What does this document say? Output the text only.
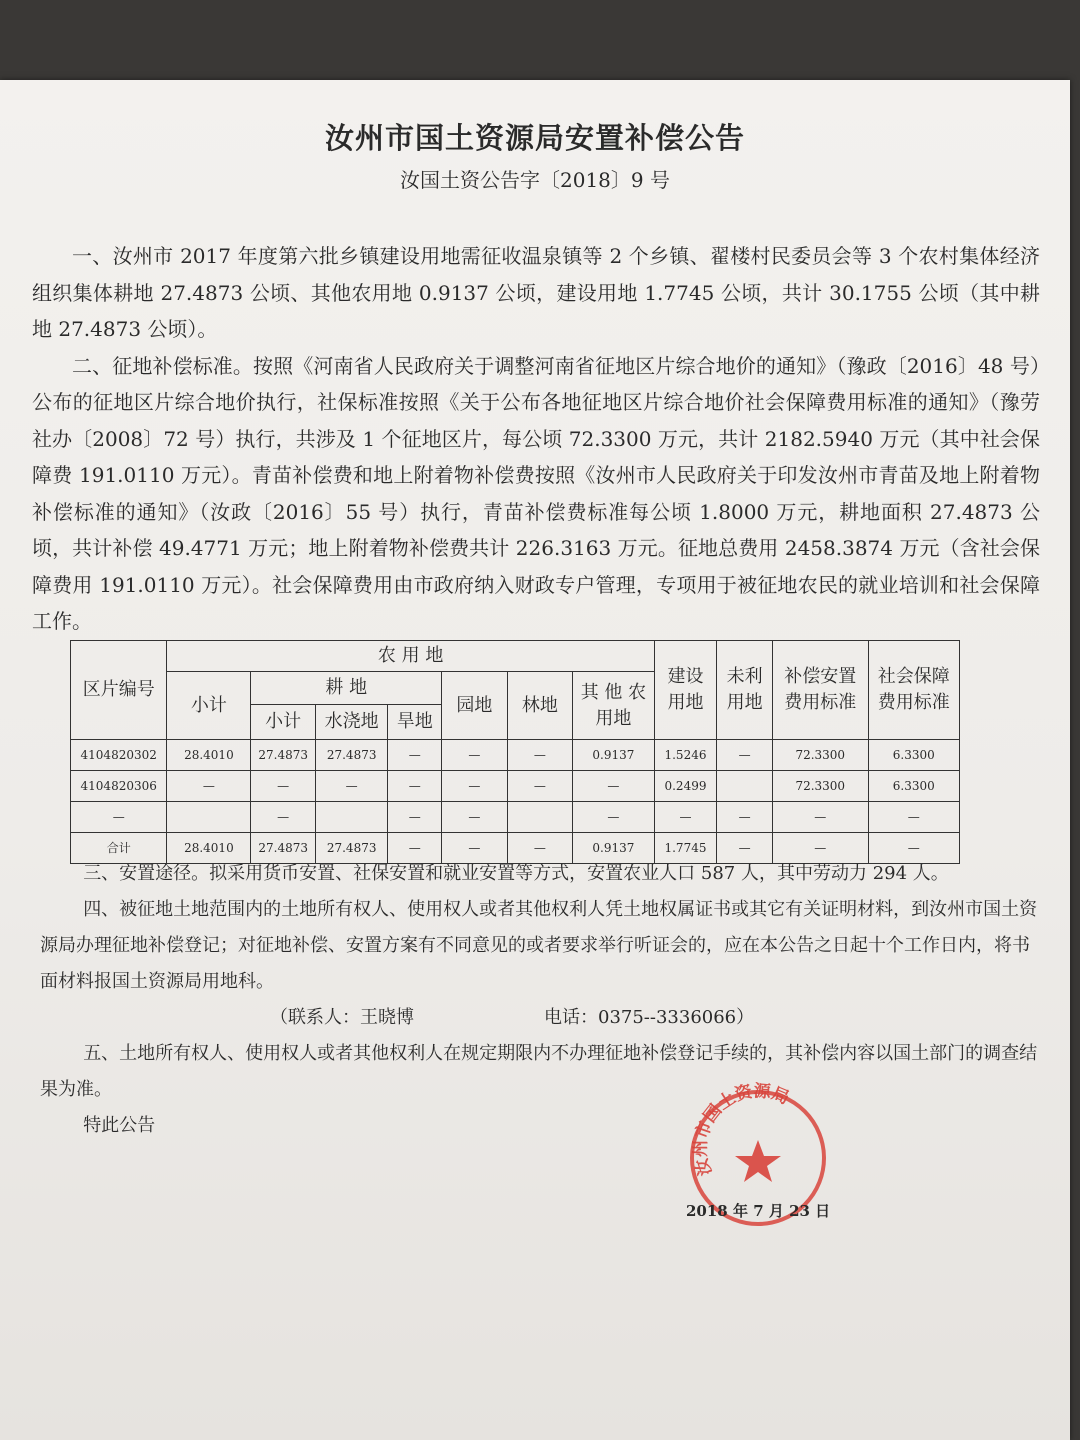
汝州市国土资源局安置补偿公告
汝国土资公告字〔2018〕9 号

一、汝州市 2017 年度第六批乡镇建设用地需征收温泉镇等 2 个乡镇、翟楼村民委员会等 3 个农村集体经济组织集体耕地 27.4873 公顷、其他农用地 0.9137 公顷，建设用地 1.7745 公顷，共计 30.1755 公顷（其中耕地 27.4873 公顷）。

二、征地补偿标准。按照《河南省人民政府关于调整河南省征地区片综合地价的通知》（豫政〔2016〕48 号）公布的征地区片综合地价执行，社保标准按照《关于公布各地征地区片综合地价社会保障费用标准的通知》（豫劳社办〔2008〕72 号）执行，共涉及 1 个征地区片，每公顷 72.3300 万元，共计 2182.5940 万元（其中社会保障费 191.0110 万元）。青苗补偿费和地上附着物补偿费按照《汝州市人民政府关于印发汝州市青苗及地上附着物补偿标准的通知》（汝政〔2016〕55 号）执行，青苗补偿费标准每公顷 1.8000 万元，耕地面积 27.4873 公顷，共计补偿 49.4771 万元；地上附着物补偿费共计 226.3163 万元。征地总费用 2458.3874 万元（含社会保障费用 191.0110 万元）。社会保障费用由市政府纳入财政专户管理，专项用于被征地农民的就业培训和社会保障工作。

区片编号	农 用 地							建设 用地	未利 用地	补偿安置 费用标准	社会保障 费用标准
	小计	耕 地			园地	林地	其 他 农用地				
		小计	水浇地	旱地							
4104820302	28.4010	27.4873	27.4873	—	—	—	0.9137	1.5246	—	72.3300	6.3300
4104820306	—	—	—	—	—	—	—	0.2499		72.3300	6.3300
—		—		—	—		—	—	—	—	—
合计	28.4010	27.4873	27.4873	—	—	—	0.9137	1.7745	—	—	—

三、安置途径。拟采用货币安置、社保安置和就业安置等方式，安置农业人口 587 人，其中劳动力 294 人。

四、被征地土地范围内的土地所有权人、使用权人或者其他权利人凭土地权属证书或其它有关证明材料，到汝州市国土资源局办理征地补偿登记；对征地补偿、安置方案有不同意见的或者要求举行听证会的，应在本公告之日起十个工作日内，将书面材料报国土资源局用地科。

（联系人：王晓博	电话：0375--3336066）

五、土地所有权人、使用权人或者其他权利人在规定期限内不办理征地补偿登记手续的，其补偿内容以国土部门的调查结果为准。

特此公告

汝州市国土资源局
2018 年 7 月 23 日
